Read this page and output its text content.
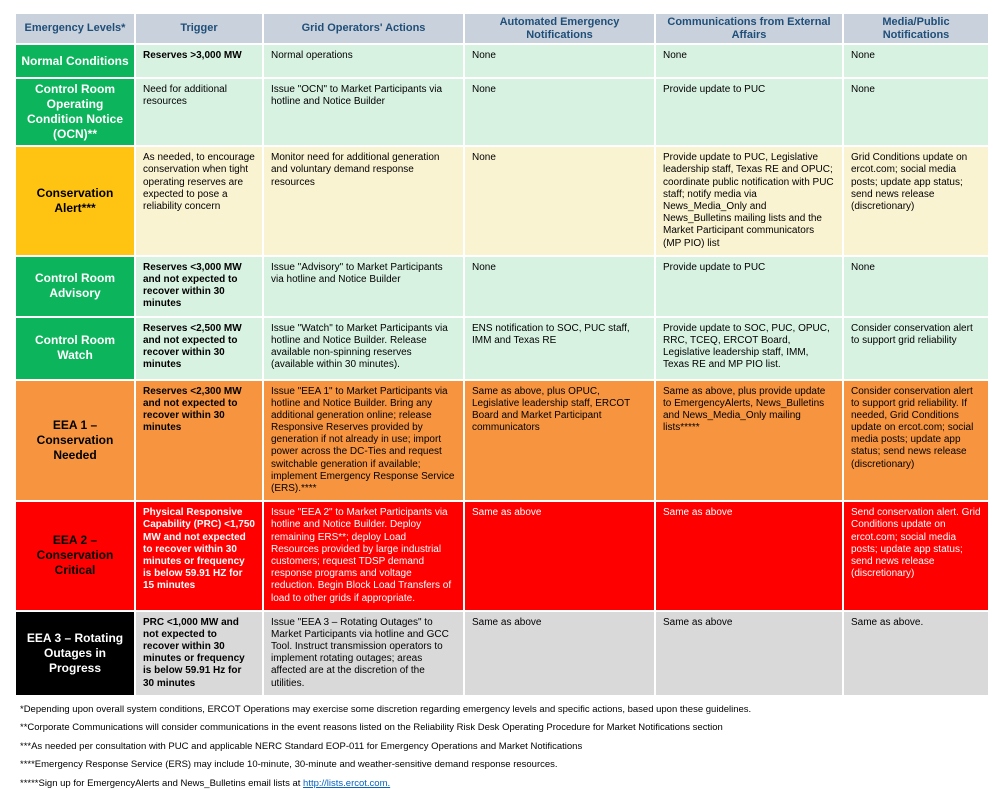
Emergency Levels*	Trigger	Grid Operators' Actions	Automated Emergency Notifications	Communications from External Affairs	Media/Public Notifications
Normal Conditions	Reserves >3,000 MW	Normal operations	None	None	None
Control Room Operating Condition Notice (OCN)**	Need for additional resources	Issue "OCN" to Market Participants via hotline and Notice Builder	None	Provide update to PUC	None
Conservation Alert***	As needed, to encourage conservation when tight operating reserves are expected to pose a reliability concern	Monitor need for additional generation and voluntary demand response resources	None	Provide update to PUC, Legislative leadership staff, Texas RE and OPUC; coordinate public notification with PUC staff; notify media via News_Media_Only and News_Bulletins mailing lists and the Market Participant communicators (MP PIO) list	Grid Conditions update on ercot.com; social media posts; update app status; send news release (discretionary)
Control Room Advisory	Reserves <3,000 MW and not expected to recover within 30 minutes	Issue "Advisory" to Market Participants via hotline and Notice Builder	None	Provide update to PUC	None
Control Room Watch	Reserves <2,500 MW and not expected to recover within 30 minutes	Issue "Watch" to Market Participants via hotline and Notice Builder. Release available non-spinning reserves (available within 30 minutes).	ENS notification to SOC, PUC staff, IMM and Texas RE	Provide update to SOC, PUC, OPUC, RRC, TCEQ, ERCOT Board, Legislative leadership staff, IMM, Texas RE and MP PIO list.	Consider conservation alert to support grid reliability
EEA 1 – Conservation Needed	Reserves <2,300 MW and not expected to recover within 30 minutes	Issue "EEA 1" to Market Participants via hotline and Notice Builder. Bring any additional generation online; release Responsive Reserves provided by generation if not already in use; import power across the DC-Ties and request switchable generation if available; implement Emergency Response Service (ERS).****	Same as above, plus OPUC, Legislative leadership staff, ERCOT Board and Market Participant communicators	Same as above, plus provide update to EmergencyAlerts, News_Bulletins and News_Media_Only mailing lists*****	Consider conservation alert to support grid reliability. If needed, Grid Conditions update on ercot.com; social media posts; update app status; send news release (discretionary)
EEA 2 – Conservation Critical	Physical Responsive Capability (PRC) <1,750 MW and not expected to recover within 30 minutes or frequency is below 59.91 HZ for 15 minutes	Issue "EEA 2" to Market Participants via hotline and Notice Builder. Deploy remaining ERS**; deploy Load Resources provided by large industrial customers; request TDSP demand response programs and voltage reduction. Begin Block Load Transfers of load to other grids if appropriate.	Same as above	Same as above	Send conservation alert. Grid Conditions update on ercot.com; social media posts; update app status; send news release (discretionary)
EEA 3 – Rotating Outages in Progress	PRC <1,000 MW and not expected to recover within 30 minutes or frequency is below 59.91 Hz for 30 minutes	Issue "EEA 3 – Rotating Outages" to Market Participants via hotline and GCC Tool. Instruct transmission operators to implement rotating outages; areas affected are at the discretion of the utilities.	Same as above	Same as above	Same as above.
*Depending upon overall system conditions, ERCOT Operations may exercise some discretion regarding emergency levels and specific actions, based upon these guidelines.
**Corporate Communications will consider communications in the event reasons listed on the Reliability Risk Desk Operating Procedure for Market Notifications section
***As needed per consultation with PUC and applicable NERC Standard EOP-011 for Emergency Operations and Market Notifications
****Emergency Response Service (ERS) may include 10-minute, 30-minute and weather-sensitive demand response resources.
*****Sign up for EmergencyAlerts and News_Bulletins email lists at http://lists.ercot.com.
